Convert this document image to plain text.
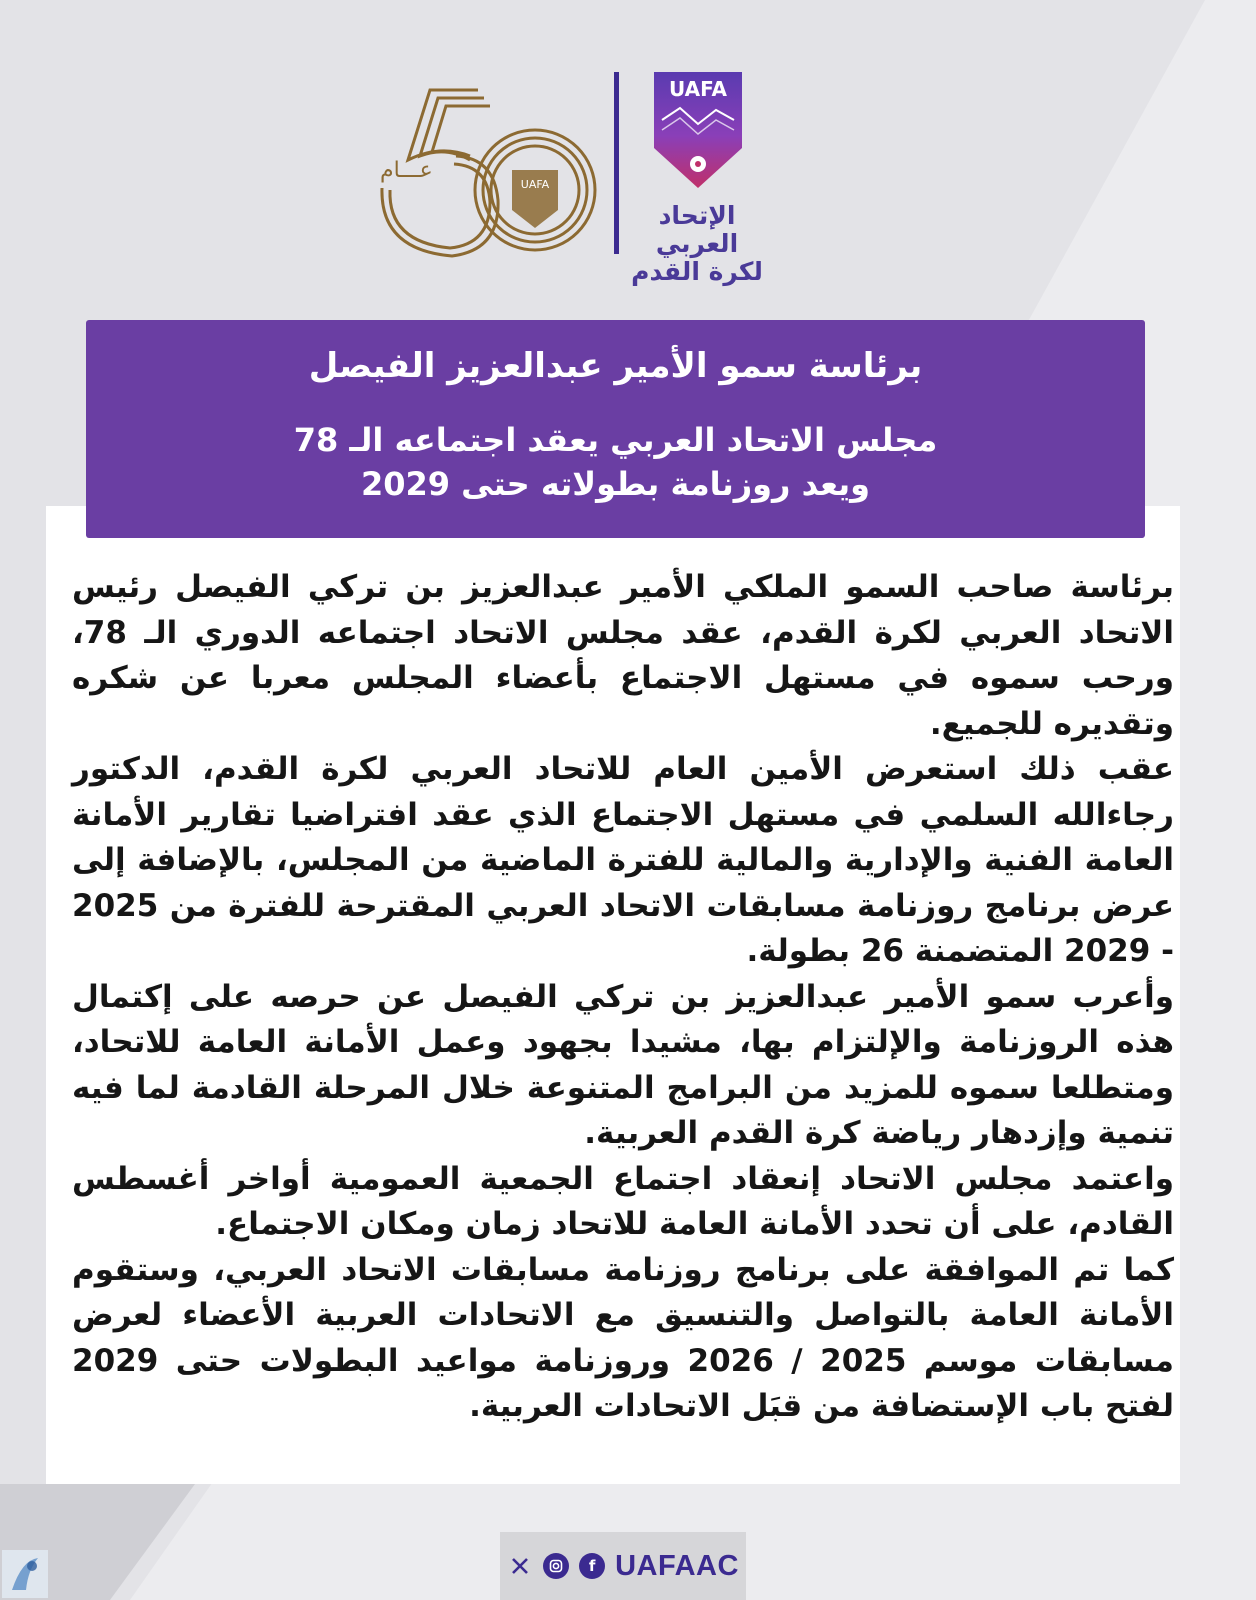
UAFA
عـــام
UAFA
الإتحاد العربي
لكرة القدم
برئاسة سمو الأمير عبدالعزيز الفيصل
مجلس الاتحاد العربي يعقد اجتماعه الـ 78
ويعد روزنامة بطولاته حتى 2029

برئاسة صاحب السمو الملكي الأمير عبدالعزيز بن تركي الفيصل رئيس الاتحاد العربي لكرة القدم، عقد مجلس الاتحاد اجتماعه الدوري الـ 78، ورحب سموه في مستهل الاجتماع بأعضاء المجلس معربا عن شكره وتقديره للجميع.

عقب ذلك استعرض الأمين العام للاتحاد العربي لكرة القدم، الدكتور رجاءالله السلمي في مستهل الاجتماع الذي عقد افتراضيا تقارير الأمانة العامة الفنية والإدارية والمالية للفترة الماضية من المجلس، بالإضافة إلى عرض برنامج روزنامة مسابقات الاتحاد العربي المقترحة للفترة من 2025 - 2029 المتضمنة 26 بطولة.

وأعرب سمو الأمير عبدالعزيز بن تركي الفيصل عن حرصه على إكتمال هذه الروزنامة والإلتزام بها، مشيدا بجهود وعمل الأمانة العامة للاتحاد، ومتطلعا سموه للمزيد من البرامج المتنوعة خلال المرحلة القادمة لما فيه تنمية وإزدهار رياضة كرة القدم العربية.

واعتمد مجلس الاتحاد إنعقاد اجتماع الجمعية العمومية أواخر أغسطس القادم، على أن تحدد الأمانة العامة للاتحاد زمان ومكان الاجتماع.

كما تم الموافقة على برنامج روزنامة مسابقات الاتحاد العربي، وستقوم الأمانة العامة بالتواصل والتنسيق مع الاتحادات العربية الأعضاء لعرض مسابقات موسم 2025 / 2026 وروزنامة مواعيد البطولات حتى 2029 لفتح باب الإستضافة من قبَل الاتحادات العربية.

f UAFAAC
